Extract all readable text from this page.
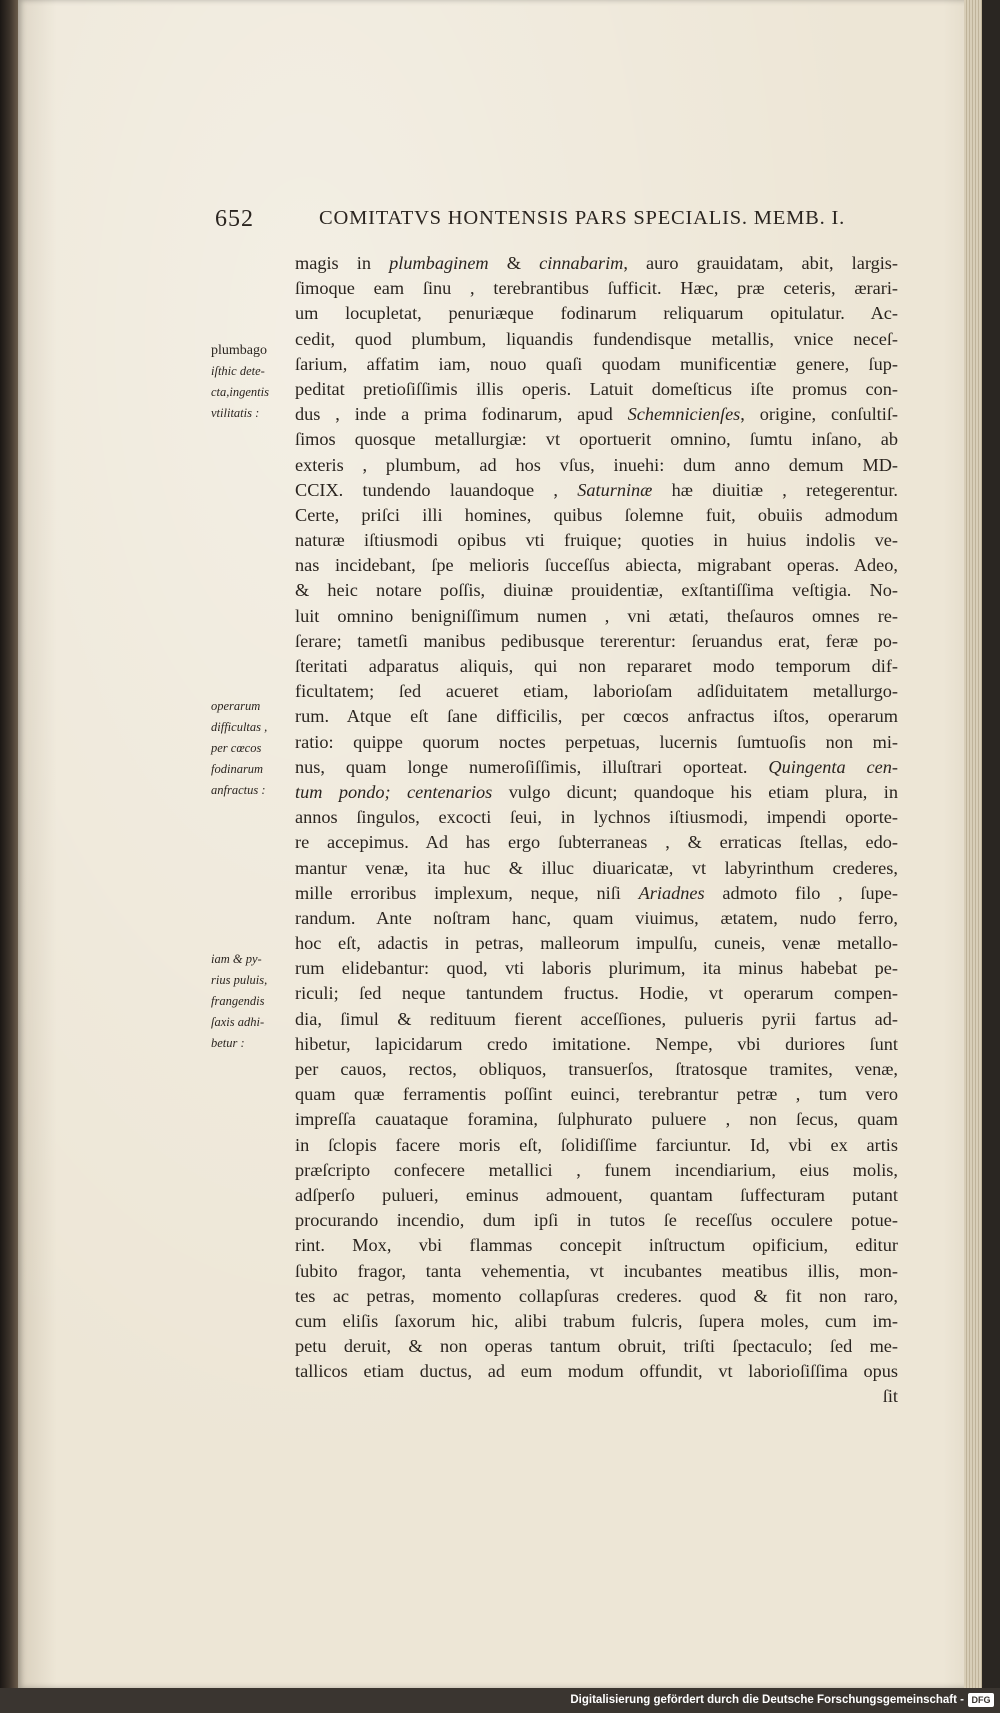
652	COMITATVS HONTENSIS PARS SPECIALIS. MEMB. I.
magis in plumbaginem & cinnabarim, auro grauidatam, abit, largis-
ſimoque eam ſinu , terebrantibus ſufficit. Hæc, præ ceteris, ærari-
um locupletat, penuriæque fodinarum reliquarum opitulatur. Ac-
cedit, quod plumbum, liquandis fundendisque metallis, vnice neceſ-
ſarium, affatim iam, nouo quaſi quodam munificentiæ genere, ſup-
peditat pretioſiſſimis illis operis. Latuit domeſticus iſte promus con-
dus , inde a prima fodinarum, apud Schemnicienſes, origine, conſultiſ-
ſimos quosque metallurgiæ: vt oportuerit omnino, ſumtu inſano, ab
exteris , plumbum, ad hos vſus, inuehi: dum anno demum MD-
CCIX. tundendo lauandoque , Saturninæ hæ diuitiæ , retegerentur.
Certe, priſci illi homines, quibus ſolemne fuit, obuiis admodum
naturæ iſtiusmodi opibus vti fruique; quoties in huius indolis ve-
nas incidebant, ſpe melioris ſucceſſus abiecta, migrabant operas. Adeo,
& heic notare poſſis, diuinæ prouidentiæ, exſtantiſſima veſtigia. No-
luit omnino benigniſſimum numen , vni ætati, theſauros omnes re-
ſerare; tametſi manibus pedibusque tererentur: ſeruandus erat, feræ po-
ſteritati adparatus aliquis, qui non repararet modo temporum dif-
ficultatem; ſed acueret etiam, laborioſam adſiduitatem metallurgo-
rum. Atque eſt ſane difficilis, per cœcos anfractus iſtos, operarum
ratio: quippe quorum noctes perpetuas, lucernis ſumtuoſis non mi-
nus, quam longe numeroſiſſimis, illuſtrari oporteat. Quingenta cen-
tum pondo; centenarios vulgo dicunt; quandoque his etiam plura, in
annos ſingulos, excocti ſeui, in lychnos iſtiusmodi, impendi oporte-
re accepimus. Ad has ergo ſubterraneas , & erraticas ſtellas, edo-
mantur venæ, ita huc & illuc diuaricatæ, vt labyrinthum crederes,
mille erroribus implexum, neque, niſi Ariadnes admoto filo , ſupe-
randum. Ante noſtram hanc, quam viuimus, ætatem, nudo ferro,
hoc eſt, adactis in petras, malleorum impulſu, cuneis, venæ metallo-
rum elidebantur: quod, vti laboris plurimum, ita minus habebat pe-
riculi; ſed neque tantundem fructus. Hodie, vt operarum compen-
dia, ſimul & redituum fierent acceſſiones, pulueris pyrii fartus ad-
hibetur, lapicidarum credo imitatione. Nempe, vbi duriores ſunt
per cauos, rectos, obliquos, transuerſos, ſtratosque tramites, venæ,
quam quæ ferramentis poſſint euinci, terebrantur petræ , tum vero
impreſſa cauataque foramina, ſulphurato puluere , non ſecus, quam
in ſclopis facere moris eſt, ſolidiſſime farciuntur. Id, vbi ex artis
præſcripto confecere metallici , funem incendiarium, eius molis,
adſperſo pulueri, eminus admouent, quantam ſuffecturam putant
procurando incendio, dum ipſi in tutos ſe receſſus occulere potue-
rint. Mox, vbi flammas concepit inſtructum opificium, editur
ſubito fragor, tanta vehementia, vt incubantes meatibus illis, mon-
tes ac petras, momento collapſuras crederes. quod & fit non raro,
cum eliſis ſaxorum hic, alibi trabum fulcris, ſupera moles, cum im-
petu deruit, & non operas tantum obruit, triſti ſpectaculo; ſed me-
tallicos etiam ductus, ad eum modum offundit, vt laborioſiſſima opus
ſit
plumbago
iſthic dete-
cta,ingentis
vtilitatis :
operarum
difficultas ,
per cœcos
fodinarum
anfractus :
iam & py-
rius puluis,
frangendis
ſaxis adhi-
betur :
Digitalisierung gefördert durch die Deutsche Forschungsgemeinschaft - DFG
